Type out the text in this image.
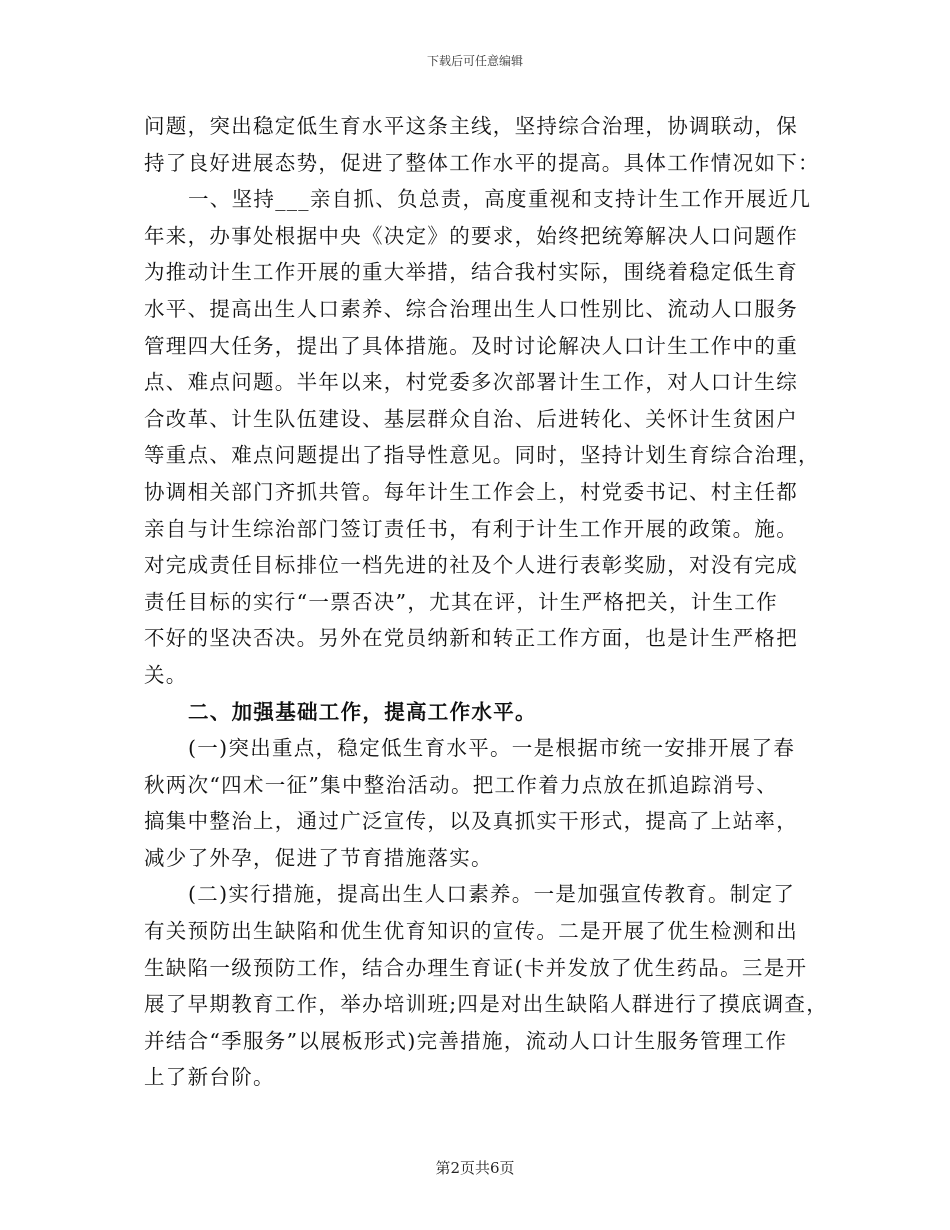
下载后可任意编辑
问题，突出稳定低生育水平这条主线，坚持综合治理，协调联动，保
持了良好进展态势，促进了整体工作水平的提高。具体工作情况如下：
一、坚持___亲自抓、负总责，高度重视和支持计生工作开展近几
年来，办事处根据中央《决定》的要求，始终把统筹解决人口问题作
为推动计生工作开展的重大举措，结合我村实际，围绕着稳定低生育
水平、提高出生人口素养、综合治理出生人口性别比、流动人口服务
管理四大任务，提出了具体措施。及时讨论解决人口计生工作中的重
点、难点问题。半年以来，村党委多次部署计生工作，对人口计生综
合改革、计生队伍建设、基层群众自治、后进转化、关怀计生贫困户
等重点、难点问题提出了指导性意见。同时，坚持计划生育综合治理，
协调相关部门齐抓共管。每年计生工作会上，村党委书记、村主任都
亲自与计生综治部门签订责任书，有利于计生工作开展的政策。施。
对完成责任目标排位一档先进的社及个人进行表彰奖励，对没有完成
责任目标的实行“一票否决”，尤其在评，计生严格把关，计生工作
不好的坚决否决。另外在党员纳新和转正工作方面，也是计生严格把
关。
二、加强基础工作，提高工作水平。
(一)突出重点，稳定低生育水平。一是根据市统一安排开展了春
秋两次“四术一征”集中整治活动。把工作着力点放在抓追踪消号、
搞集中整治上，通过广泛宣传，以及真抓实干形式，提高了上站率，
减少了外孕，促进了节育措施落实。
(二)实行措施，提高出生人口素养。一是加强宣传教育。制定了
有关预防出生缺陷和优生优育知识的宣传。二是开展了优生检测和出
生缺陷一级预防工作，结合办理生育证(卡并发放了优生药品。三是开
展了早期教育工作，举办培训班;四是对出生缺陷人群进行了摸底调查，
并结合“季服务”以展板形式)完善措施，流动人口计生服务管理工作
上了新台阶。
第2页共6页
